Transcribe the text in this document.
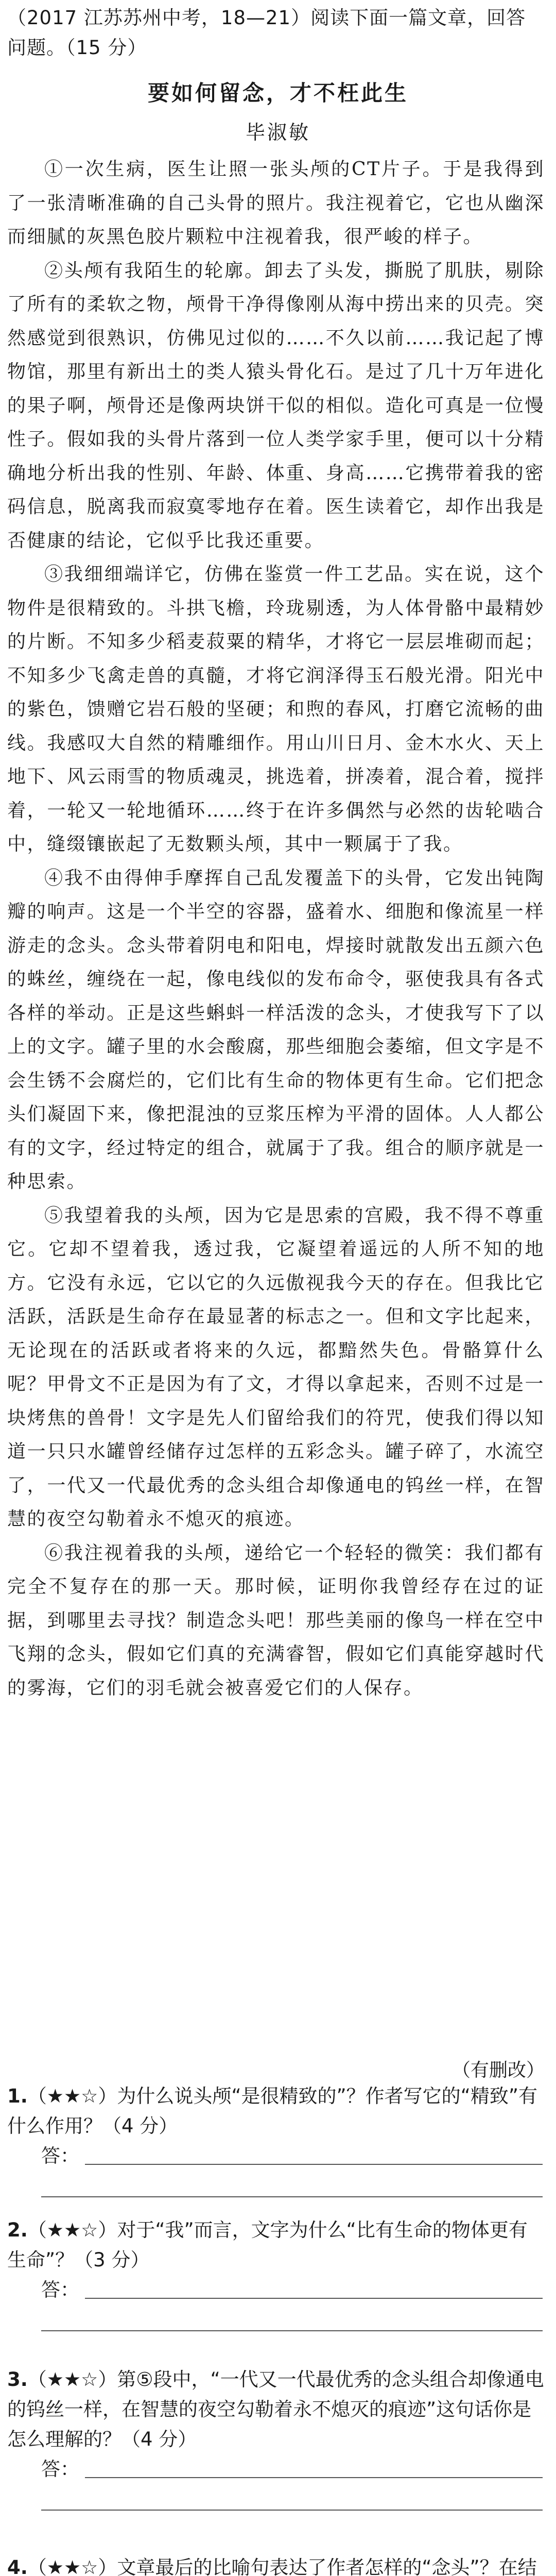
（2017 江苏苏州中考，18—21）阅读下面一篇文章，回答问题。（15 分）
要如何留念，才不枉此生
毕淑敏

①一次生病，医生让照一张头颅的CT片子。于是我得到了一张清晰准确的自己头骨的照片。我注视着它，它也从幽深而细腻的灰黑色胶片颗粒中注视着我，很严峻的样子。

②头颅有我陌生的轮廓。卸去了头发，撕脱了肌肤，剔除了所有的柔软之物，颅骨干净得像刚从海中捞出来的贝壳。突然感觉到很熟识，仿佛见过似的……不久以前……我记起了博物馆，那里有新出土的类人猿头骨化石。是过了几十万年进化的果子啊，颅骨还是像两块饼干似的相似。造化可真是一位慢性子。假如我的头骨片落到一位人类学家手里，便可以十分精确地分析出我的性别、年龄、体重、身高……它携带着我的密码信息，脱离我而寂寞零地存在着。医生读着它，却作出我是否健康的结论，它似乎比我还重要。

③我细细端详它，仿佛在鉴赏一件工艺品。实在说，这个物件是很精致的。斗拱飞檐，玲珑剔透，为人体骨骼中最精妙的片断。不知多少稻麦菽粟的精华，才将它一层层堆砌而起；不知多少飞禽走兽的真髓，才将它润泽得玉石般光滑。阳光中的紫色，馈赠它岩石般的坚硬；和煦的春风，打磨它流畅的曲线。我感叹大自然的精雕细作。用山川日月、金木水火、天上地下、风云雨雪的物质魂灵，挑选着，拼凑着，混合着，搅拌着，一轮又一轮地循环……终于在许多偶然与必然的齿轮啮合中，缝缀镶嵌起了无数颗头颅，其中一颗属于了我。

④我不由得伸手摩挥自己乱发覆盖下的头骨，它发出钝陶瓣的响声。这是一个半空的容器，盛着水、细胞和像流星一样游走的念头。念头带着阴电和阳电，焊接时就散发出五颜六色的蛛丝，缠绕在一起，像电线似的发布命令，驱使我具有各式各样的举动。正是这些蝌蚪一样活泼的念头，才使我写下了以上的文字。罐子里的水会酸腐，那些细胞会萎缩，但文字是不会生锈不会腐烂的，它们比有生命的物体更有生命。它们把念头们凝固下来，像把混浊的豆浆压榨为平滑的固体。人人都公有的文字，经过特定的组合，就属于了我。组合的顺序就是一种思索。

⑤我望着我的头颅，因为它是思索的宫殿，我不得不尊重它。它却不望着我，透过我，它凝望着遥远的人所不知的地方。它没有永远，它以它的久远傲视我今天的存在。但我比它活跃，活跃是生命存在最显著的标志之一。但和文字比起来，无论现在的活跃或者将来的久远，都黯然失色。骨骼算什么呢？甲骨文不正是因为有了文，才得以拿起来，否则不过是一块烤焦的兽骨！文字是先人们留给我们的符咒，使我们得以知道一只只水罐曾经储存过怎样的五彩念头。罐子碎了，水流空了，一代又一代最优秀的念头组合却像通电的钨丝一样，在智慧的夜空勾勒着永不熄灭的痕迹。

⑥我注视着我的头颅，递给它一个轻轻的微笑：我们都有完全不复存在的那一天。那时候，证明你我曾经存在过的证据，到哪里去寻找？制造念头吧！那些美丽的像鸟一样在空中飞翔的念头，假如它们真的充满睿智，假如它们真能穿越时代的雾海，它们的羽毛就会被喜爱它们的人保存。

（有删改）
1.（★★☆）为什么说头颅“是很精致的”？作者写它的“精致”有什么作用？（4 分）
答：
2.（★★☆）对于“我”而言，文字为什么“比有生命的物体更有生命”？（3 分）
答：
3.（★★☆）第⑤段中，“一代又一代最优秀的念头组合却像通电的钨丝一样，在智慧的夜空勾勒着永不熄灭的痕迹”这句话你是怎么理解的？（4 分）
答：
4.（★★☆）文章最后的比喻句表达了作者怎样的“念头”？在结
